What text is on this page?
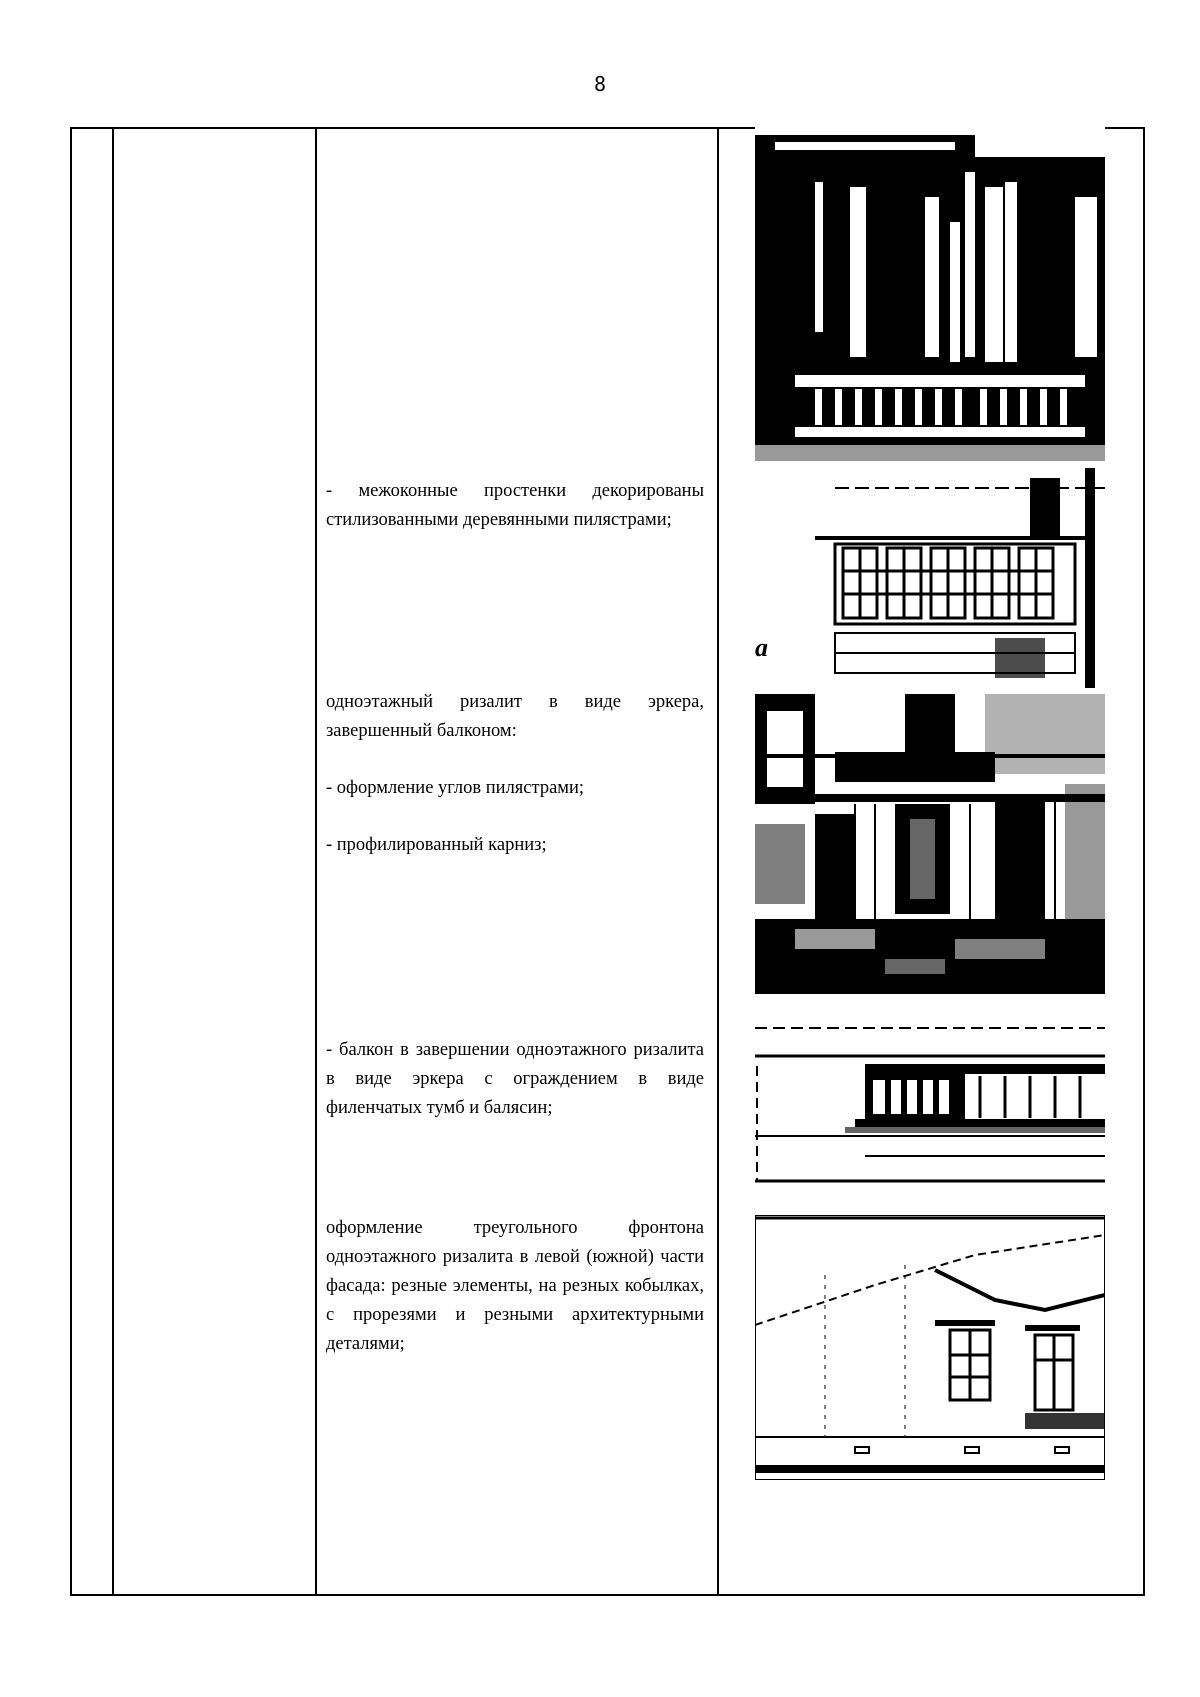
8

- межоконные простенки декорированы стилизованными деревянными пилястрами;

одноэтажный ризалит в виде эркера, завершенный балконом:

- оформление углов пилястрами;

- профилированный карниз;

- балкон в завершении одноэтажного ризалита в виде эркера с ограждением в виде филенчатых тумб и балясин;

оформление треугольного фронтона одноэтажного ризалита в левой (южной) части фасада: резные элементы, на резных кобылках, с прорезями и резными архитектурными деталями;

a
